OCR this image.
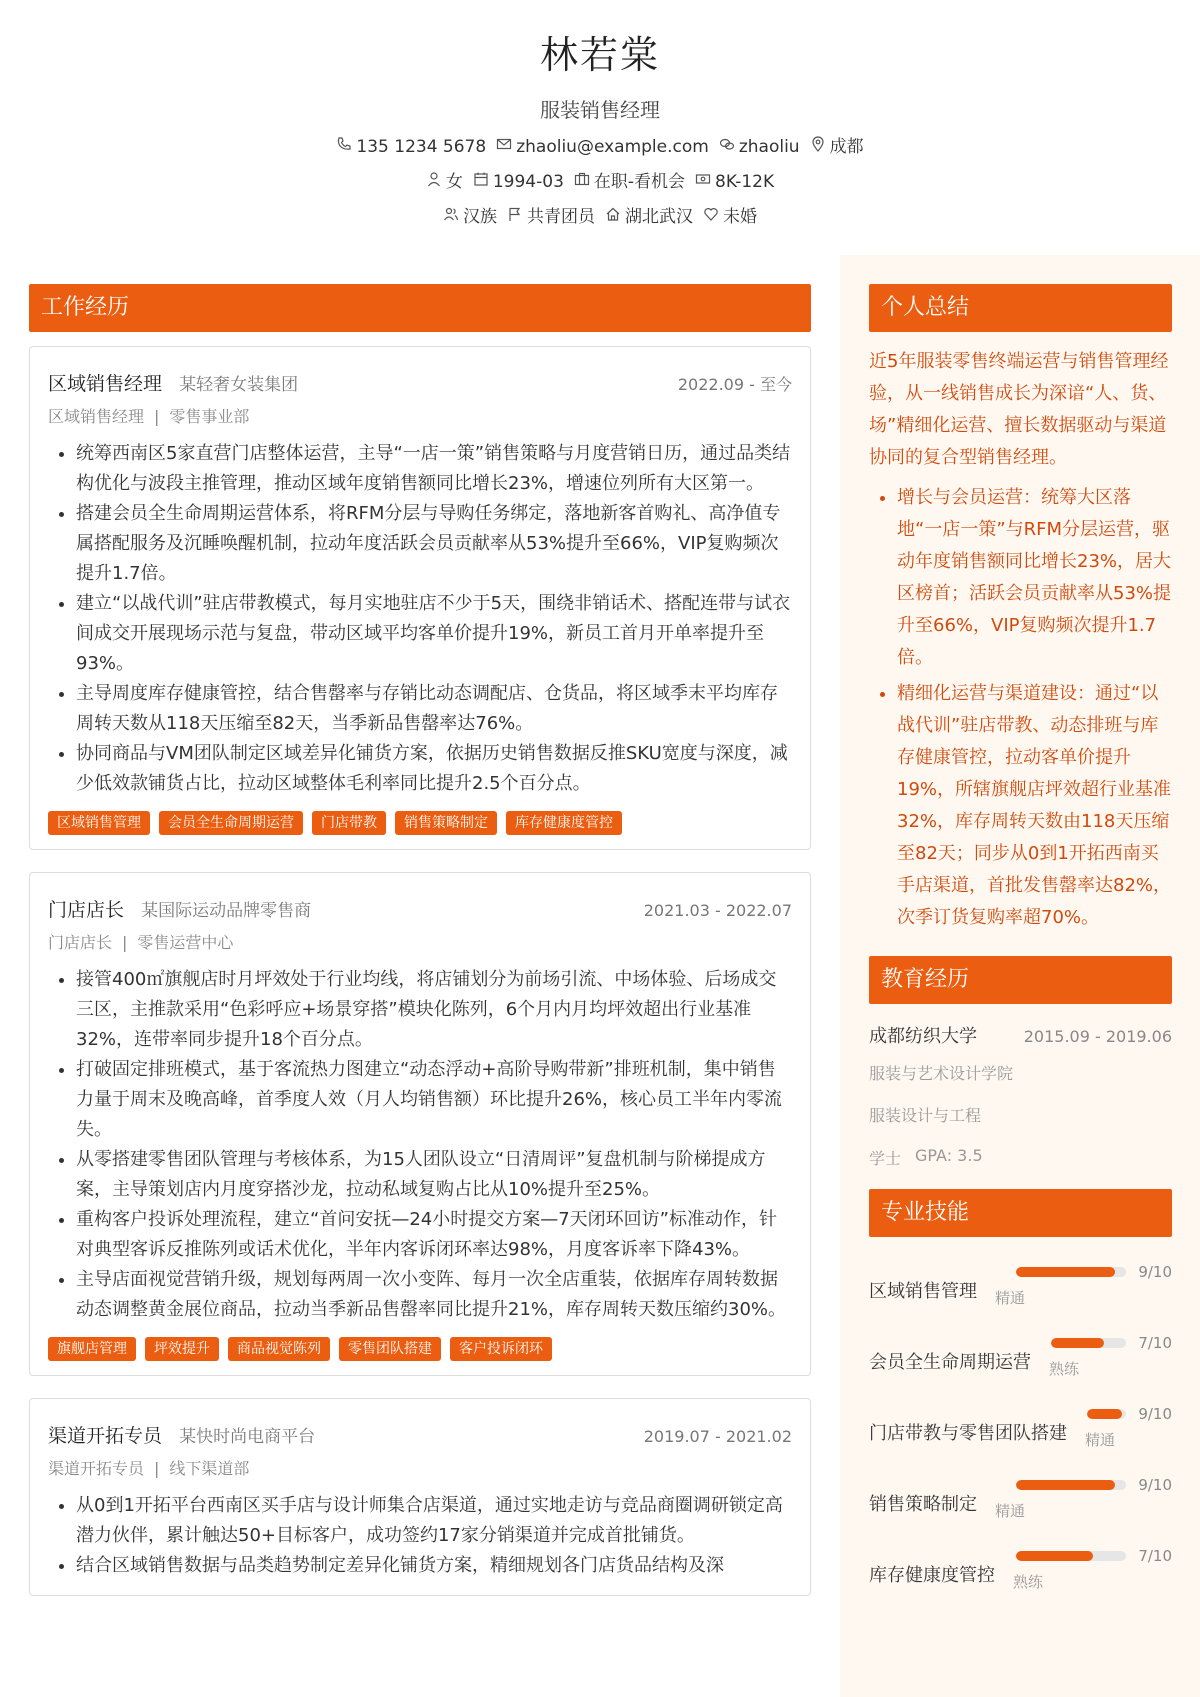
林若棠
服装销售经理
135 1234 5678 zhaoliu@example.com zhaoliu 成都
女 1994-03 在职-看机会 8K-12K
汉族 共青团员 湖北武汉 未婚
工作经历
区域销售经理 某轻奢女装集团	2022.09 - 至今
区域销售经理 | 零售事业部
• 统筹西南区5家直营门店整体运营，主导“一店一策”销售策略与月度营销日历，通过品类结构优化与波段主推管理，推动区域年度销售额同比增长23%，增速位列所有大区第一。
• 搭建会员全生命周期运营体系，将RFM分层与导购任务绑定，落地新客首购礼、高净值专属搭配服务及沉睡唤醒机制，拉动年度活跃会员贡献率从53%提升至66%，VIP复购频次提升1.7倍。
• 建立“以战代训”驻店带教模式，每月实地驻店不少于5天，围绕非销话术、搭配连带与试衣间成交开展现场示范与复盘，带动区域平均客单价提升19%，新员工首月开单率提升至93%。
• 主导周度库存健康管控，结合售罄率与存销比动态调配店、仓货品，将区域季末平均库存周转天数从118天压缩至82天，当季新品售罄率达76%。
• 协同商品与VM团队制定区域差异化铺货方案，依据历史销售数据反推SKU宽度与深度，减少低效款铺货占比，拉动区域整体毛利率同比提升2.5个百分点。
区域销售管理	会员全生命周期运营	门店带教	销售策略制定	库存健康度管控
门店店长 某国际运动品牌零售商	2021.03 - 2022.07
门店店长 | 零售运营中心
• 接管400㎡旗舰店时月坪效处于行业均线，将店铺划分为前场引流、中场体验、后场成交三区，主推款采用“色彩呼应+场景穿搭”模块化陈列，6个月内月均坪效超出行业基准32%，连带率同步提升18个百分点。
• 打破固定排班模式，基于客流热力图建立“动态浮动+高阶导购带新”排班机制，集中销售力量于周末及晚高峰，首季度人效（月人均销售额）环比提升26%，核心员工半年内零流失。
• 从零搭建零售团队管理与考核体系，为15人团队设立“日清周评”复盘机制与阶梯提成方案，主导策划店内月度穿搭沙龙，拉动私域复购占比从10%提升至25%。
• 重构客户投诉处理流程，建立“首问安抚—24小时提交方案—7天闭环回访”标准动作，针对典型客诉反推陈列或话术优化，半年内客诉闭环率达98%，月度客诉率下降43%。
• 主导店面视觉营销升级，规划每两周一次小变阵、每月一次全店重装，依据库存周转数据动态调整黄金展位商品，拉动当季新品售罄率同比提升21%，库存周转天数压缩约30%。
旗舰店管理	坪效提升	商品视觉陈列	零售团队搭建	客户投诉闭环
渠道开拓专员 某快时尚电商平台	2019.07 - 2021.02
渠道开拓专员 | 线下渠道部
• 从0到1开拓平台西南区买手店与设计师集合店渠道，通过实地走访与竞品商圈调研锁定高潜力伙伴，累计触达50+目标客户，成功签约17家分销渠道并完成首批铺货。
• 结合区域销售数据与品类趋势制定差异化铺货方案，精细规划各门店货品结构及深
个人总结
近5年服装零售终端运营与销售管理经验，从一线销售成长为深谙“人、货、场”精细化运营、擅长数据驱动与渠道协同的复合型销售经理。
• 增长与会员运营：统筹大区落地“一店一策”与RFM分层运营，驱动年度销售额同比增长23%，居大区榜首；活跃会员贡献率从53%提升至66%，VIP复购频次提升1.7倍。
• 精细化运营与渠道建设：通过“以战代训”驻店带教、动态排班与库存健康管控，拉动客单价提升19%，所辖旗舰店坪效超行业基准32%，库存周转天数由118天压缩至82天；同步从0到1开拓西南买手店渠道，首批发售罄率达82%，次季订货复购率超70%。
教育经历
成都纺织大学	2015.09 - 2019.06
服装与艺术设计学院
服装设计与工程
学士 GPA: 3.5
专业技能
区域销售管理
9/10
精通
会员全生命周期运营
7/10
熟练
门店带教与零售团队搭建
9/10
精通
销售策略制定
9/10
精通
库存健康度管控
7/10
熟练
